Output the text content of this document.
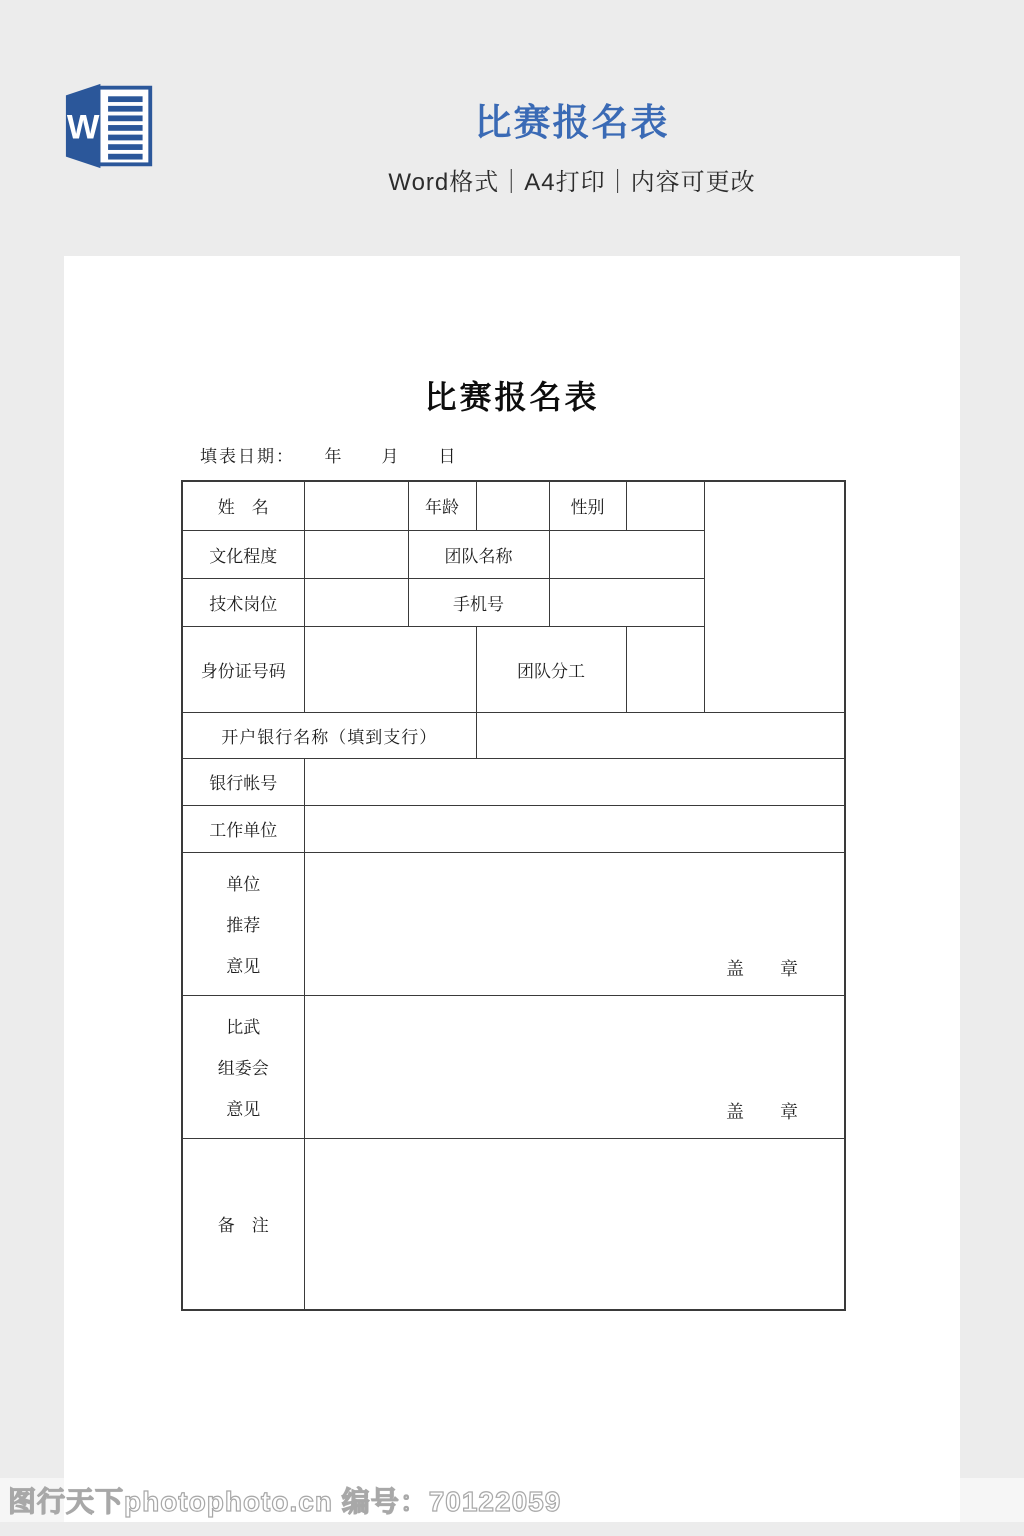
W	比赛报名表
Word格式｜A4打印｜内容可更改
比赛报名表
填表日期：　　年　　月　　日
姓　名		年龄		性别		
文化程度		团队名称				
技术岗位		手机号				
身份证号码			团队分工			
开户银行名称（填到支行）						
银行帐号						
工作单位						

单位
推荐
意见	盖　　章					

比武
组委会
意见	盖　　章					

备　注						
图行天下photophoto.cn 编号：70122059
